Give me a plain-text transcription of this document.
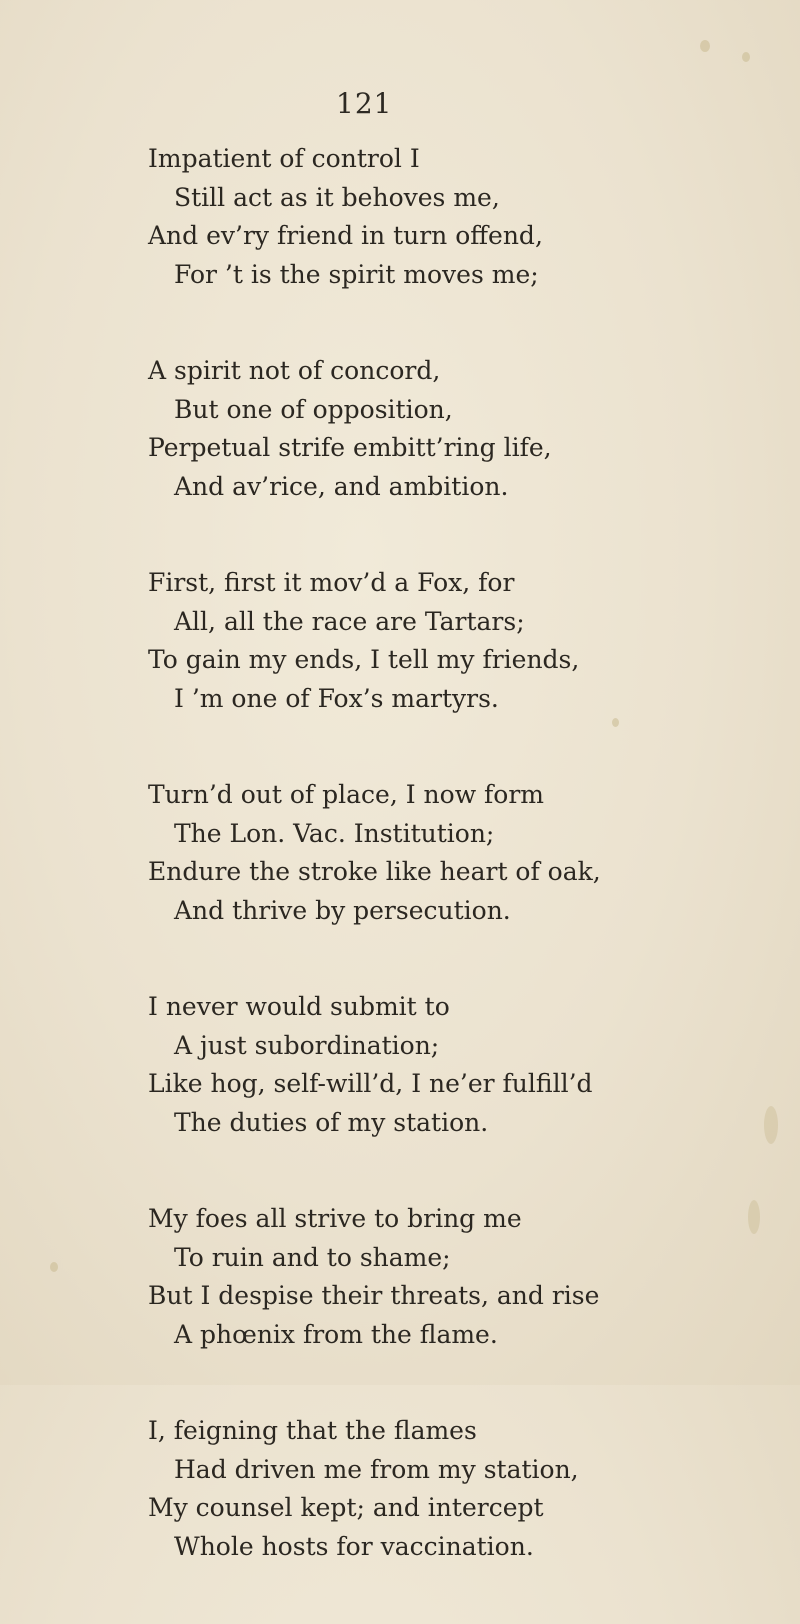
121
Impatient of control I
Still act as it behoves me,
And ev’ry friend in turn offend,
For ’t is the spirit moves me;
A spirit not of concord,
But one of opposition,
Perpetual strife embitt’ring life,
And av’rice, and ambition.
First, first it mov’d a Fox, for
All, all the race are Tartars;
To gain my ends, I tell my friends,
I ’m one of Fox’s martyrs.
Turn’d out of place, I now form
The Lon. Vac. Institution;
Endure the stroke like heart of oak,
And thrive by persecution.
I never would submit to
A just subordination;
Like hog, self-will’d, I ne’er fulfill’d
The duties of my station.
My foes all strive to bring me
To ruin and to shame;
But I despise their threats, and rise
A phœnix from the flame.
I, feigning that the flames
Had driven me from my station,
My counsel kept; and intercept
Whole hosts for vaccination.
